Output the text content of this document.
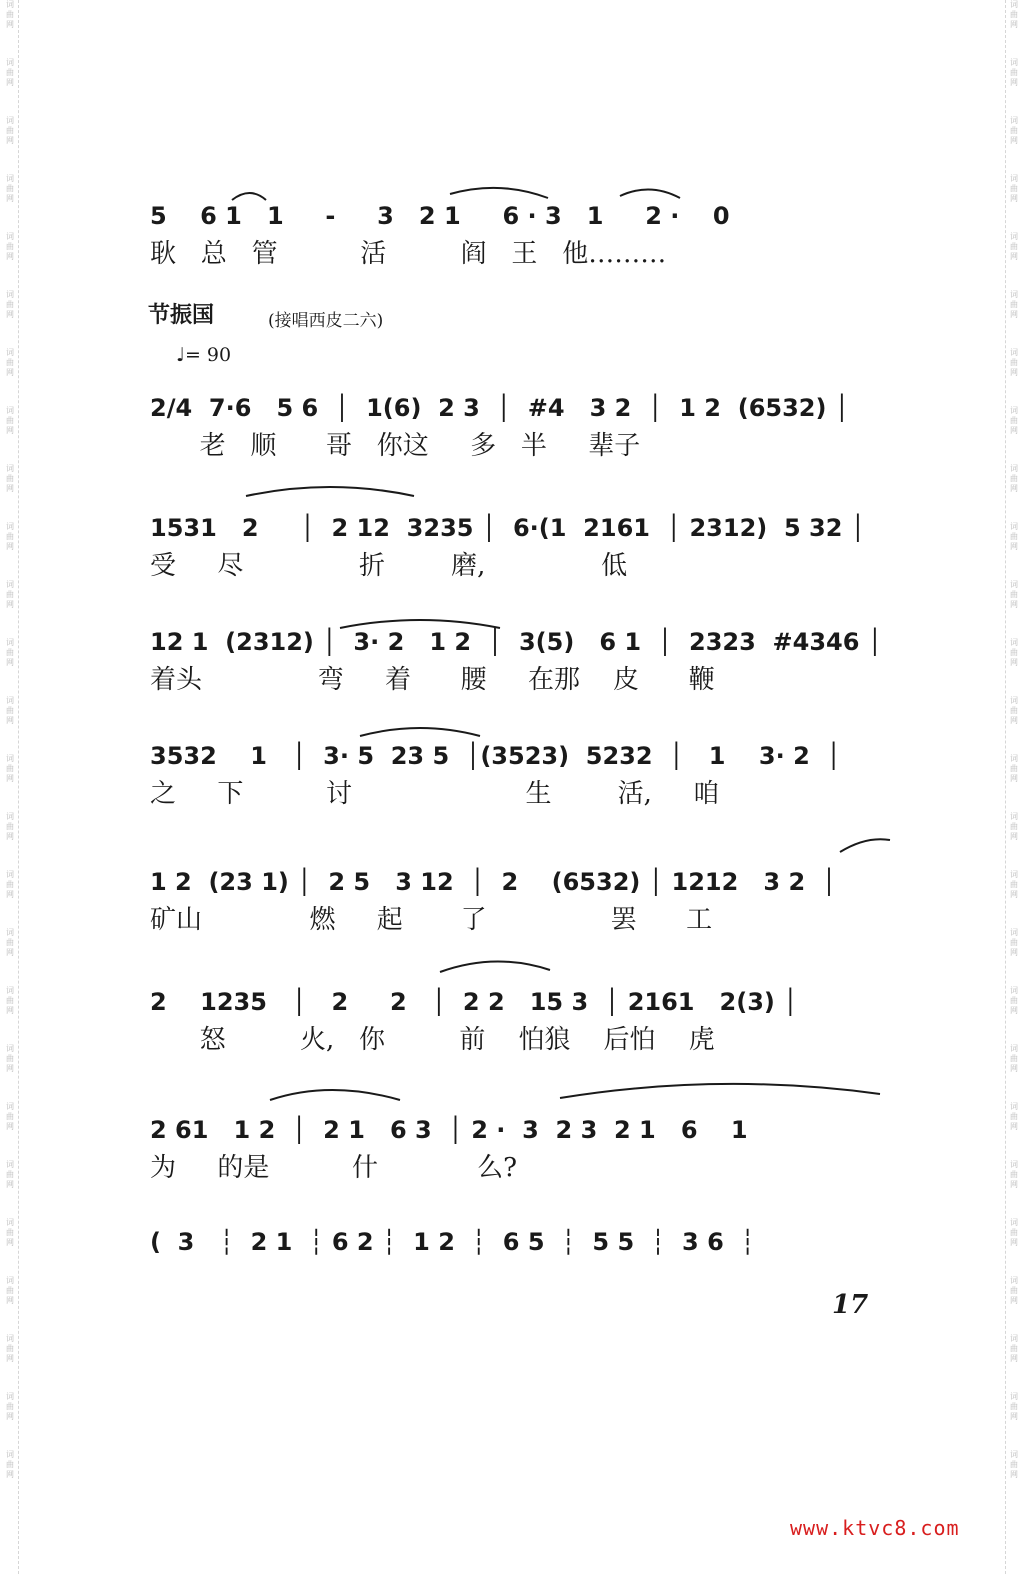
词曲网
词曲网
词曲网
词曲网
词曲网
词曲网
词曲网
词曲网
词曲网
词曲网
词曲网
词曲网
词曲网
词曲网
词曲网
词曲网
词曲网
词曲网
词曲网
词曲网
词曲网
词曲网
词曲网
词曲网
词曲网
词曲网
词曲网
词曲网
词曲网
词曲网
词曲网
词曲网
词曲网
词曲网
词曲网
词曲网
词曲网
词曲网
词曲网
词曲网
词曲网
词曲网
词曲网
词曲网
词曲网
词曲网
词曲网
词曲网
词曲网
词曲网
词曲网
词曲网
节振国	(接唱西皮二六)
♩= 90
5    6 1   1     -     3   2 1     6 · 3   1     2 ·    0
耿   总   管          活         阎   王   他………
2/4  7·6   5 6  │  1(6)  2 3  │  #4   3 2  │  1 2  (6532) │
老   顺      哥   你这     多   半     辈子
1531   2     │  2 12  3235 │  6·(1  2161  │ 2312)  5 32 │
受     尽              折        磨,              低
12 1  (2312) │  3· 2   1 2  │  3(5)   6 1  │  2323  #4346 │
着头              弯     着      腰     在那    皮      鞭
3532    1   │  3· 5  23 5  │(3523)  5232  │   1    3· 2  │
之     下          讨                     生        活,     咱
1 2  (23 1) │  2 5   3 12  │  2    (6532) │ 1212   3 2  │
矿山             燃     起       了               罢      工
2    1235   │   2     2   │  2 2   15 3  │ 2161   2(3) │
怒         火,   你         前    怕狼    后怕    虎
2 61   1 2  │  2 1   6 3  │ 2 ·  3  2 3  2 1   6    1
为     的是          什            么?
(  3   ┆  2 1  ┆ 6 2 ┆  1 2  ┆  6 5  ┆  5 5  ┆  3 6  ┆
17
www.ktvc8.com
